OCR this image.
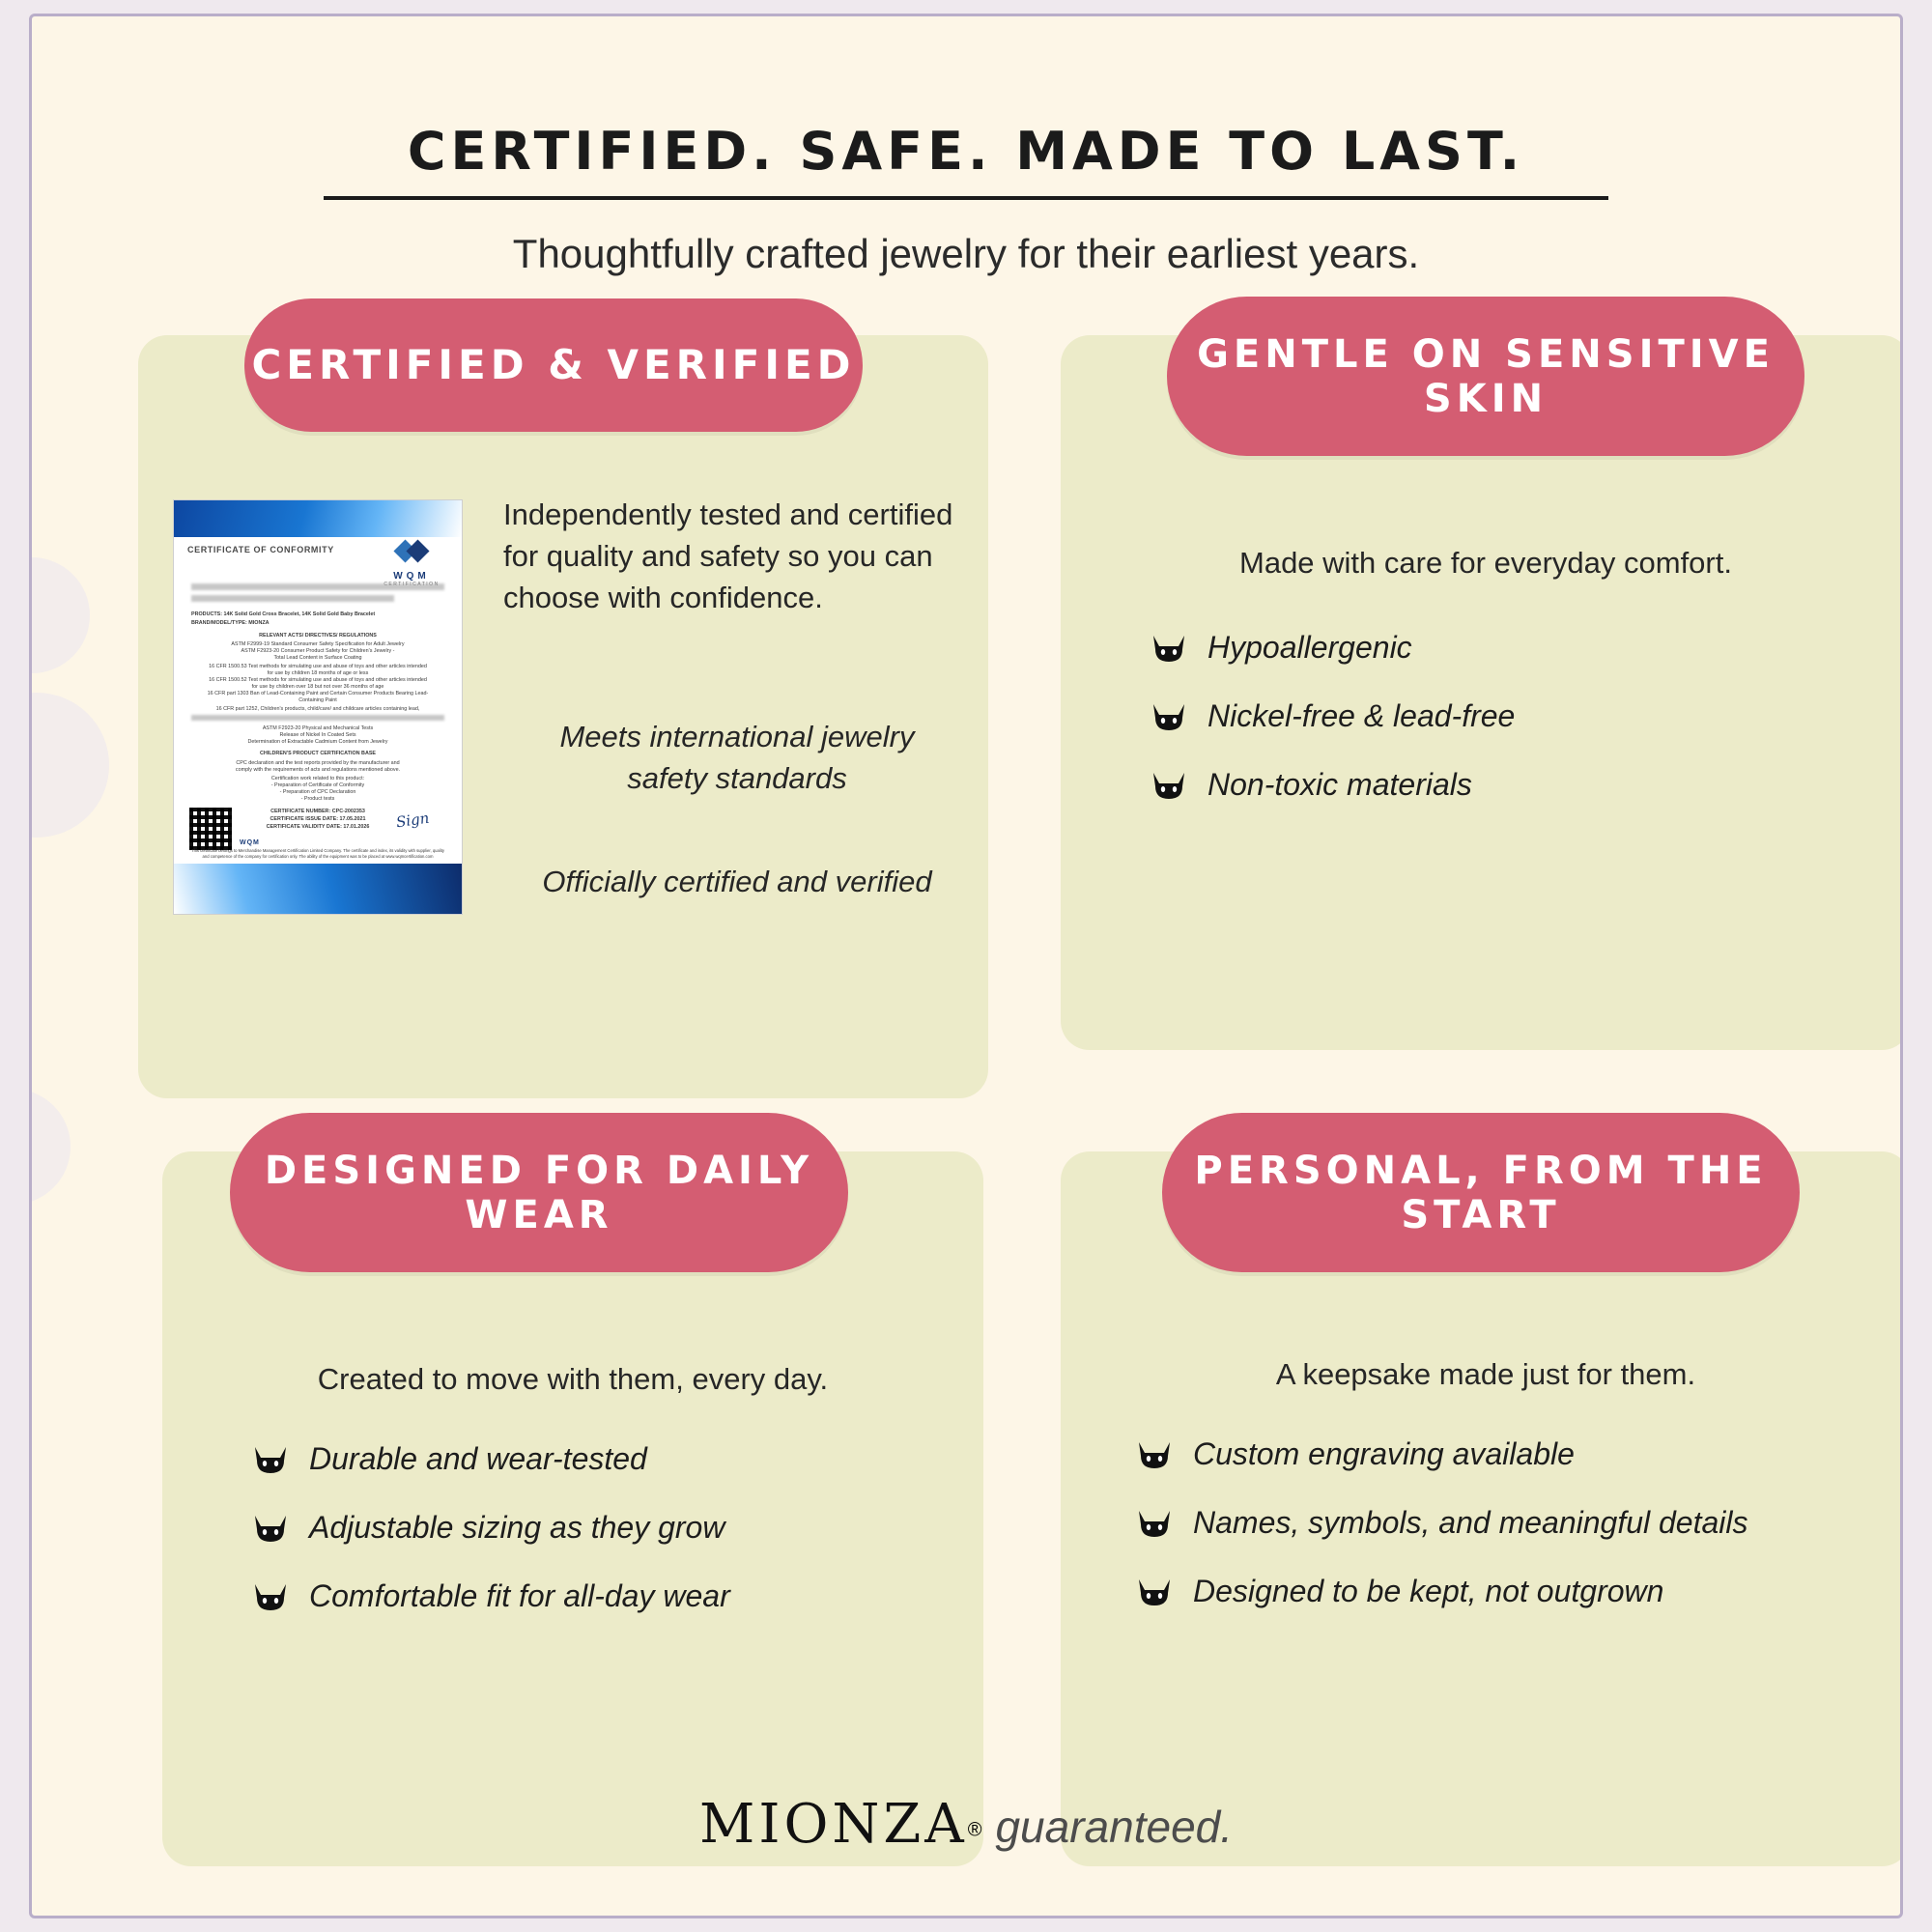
CERTIFIED. SAFE. MADE TO LAST.
Thoughtfully crafted jewelry for their earliest years.
CERTIFIED & VERIFIED
CERTIFICATE OF CONFORMITY
WQM
PRODUCTS: 14K Solid Gold Cross Bracelet, 14K Solid Gold Baby Bracelet
BRAND/MODEL/TYPE: MIONZA
RELEVANT ACTS/ DIRECTIVES/ REGULATIONS
ASTM F2999-19 Standard Consumer Safety Specification for Adult Jewelry
ASTM F2923-20 Consumer Product Safety for Children's Jewelry -
Total Lead Content in Surface Coating
16 CFR 1500.53 Test methods for simulating use and abuse of toys and other articles intended
for use by children 18 months of age or less
16 CFR 1500.52 Test methods for simulating use and abuse of toys and other articles intended
for use by children over 18 but not over 36 months of age
16 CFR part 1303 Ban of Lead-Containing Paint and Certain Consumer Products Bearing Lead-
Containing Paint
16 CFR part 1252, Children's products, child/care/ and childcare articles containing lead,
ASTM F2923-20 Physical and Mechanical Tests
Release of Nickel In Coated Sets
Determination of Extractable Cadmium Content from Jewelry
CHILDREN'S PRODUCT CERTIFICATION BASE
CPC declaration and the test reports provided by the manufacturer and
comply with the requirements of acts and regulations mentioned above.
Certification work related to this product:
- Preparation of Certificate of Conformity
- Preparation of CPC Declaration
- Product tests
CERTIFICATE NUMBER: CPC-2002353
CERTIFICATE ISSUE DATE: 17.05.2021
CERTIFICATE VALIDITY DATE: 17.01.2026	Sign
WQM
This certificate belongs to Merchandise Management Certification Limited Company. The certificate and index, its validity with supplier, quality and competence of the company for certification only. The ability of the equipment was to be placed at www.wqmcertification.com
Independently tested and certified for quality and safety so you can choose with confidence.
Meets international jewelry safety standards
Officially certified and verified
GENTLE ON SENSITIVE SKIN
Made with care for everyday comfort.
Hypoallergenic
Nickel-free & lead-free
Non-toxic materials
DESIGNED FOR DAILY WEAR
Created to move with them, every day.
Durable and wear-tested
Adjustable sizing as they grow
Comfortable fit for all-day wear
PERSONAL, FROM THE START
A keepsake made just for them.
Custom engraving available
Names, symbols, and meaningful details
Designed to be kept, not outgrown
MIONZA® guaranteed.
